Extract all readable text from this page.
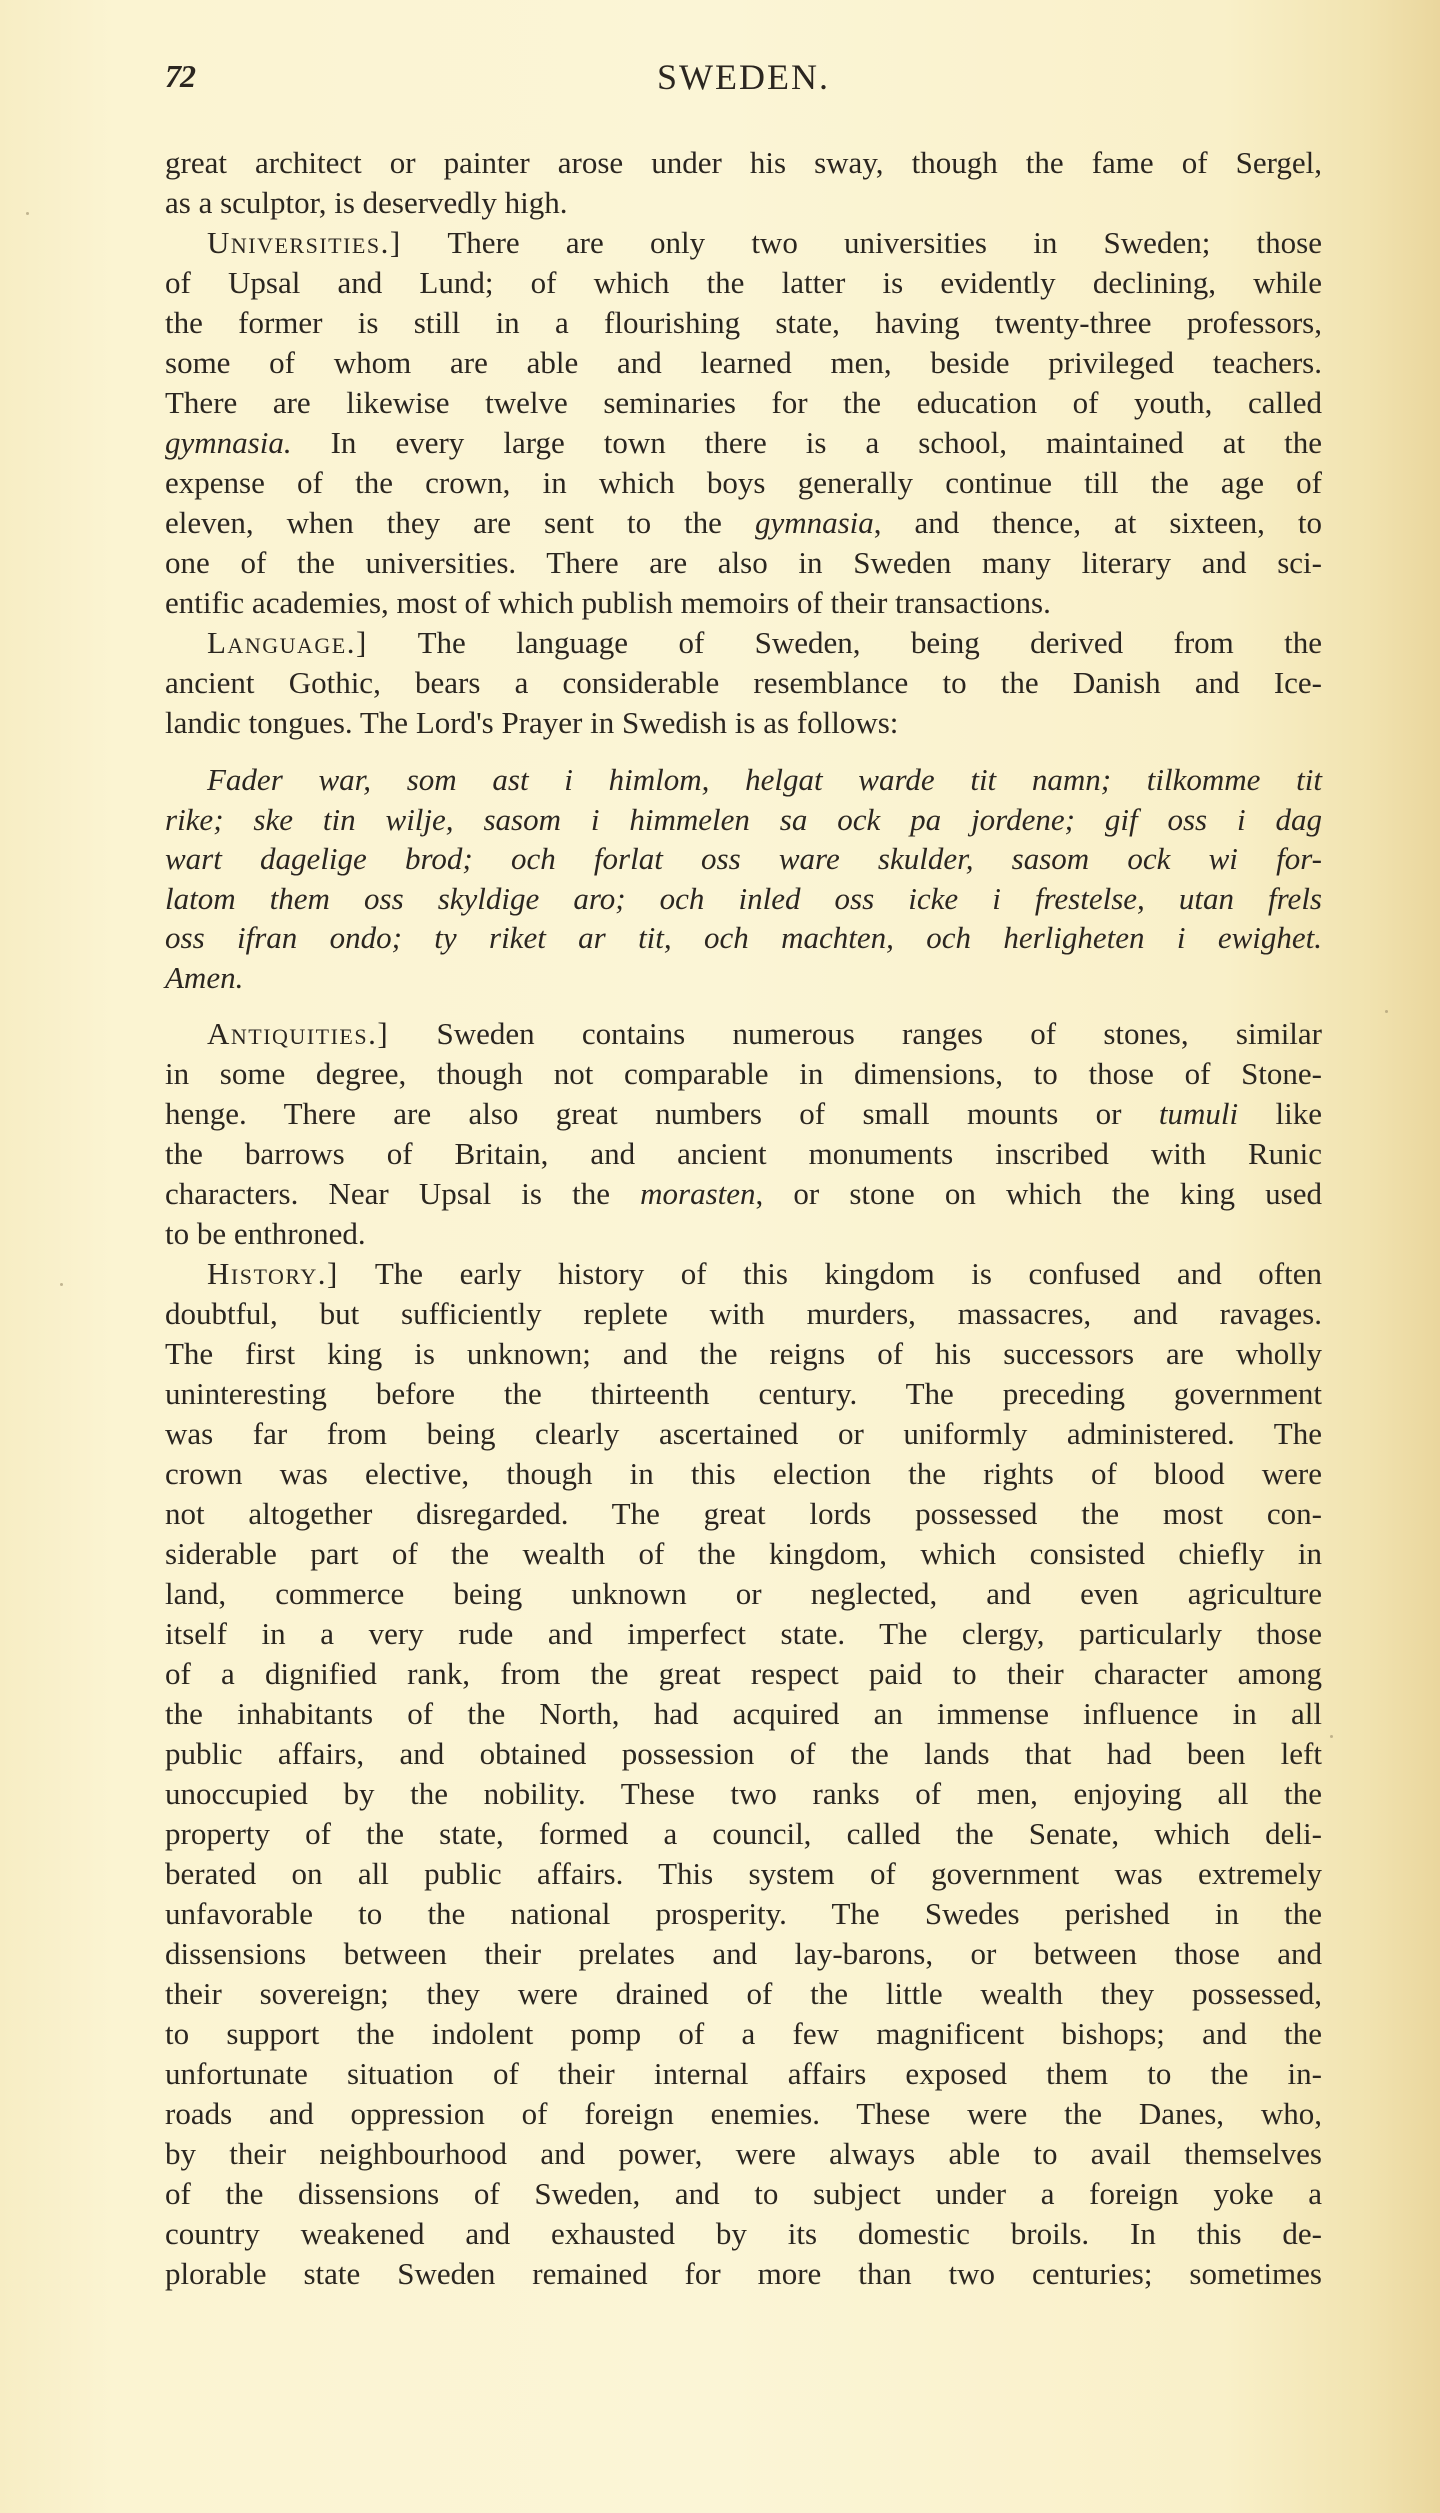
72	SWEDEN.
great architect or painter arose under his sway, though the fame of Sergel,
as a sculptor, is deservedly high.
Universities.] There are only two universities in Sweden; those
of Upsal and Lund; of which the latter is evidently declining, while
the former is still in a flourishing state, having twenty-three professors,
some of whom are able and learned men, beside privileged teachers.
There are likewise twelve seminaries for the education of youth, called
gymnasia. In every large town there is a school, maintained at the
expense of the crown, in which boys generally continue till the age of
eleven, when they are sent to the gymnasia, and thence, at sixteen, to
one of the universities. There are also in Sweden many literary and sci-
entific academies, most of which publish memoirs of their transactions.
Language.] The language of Sweden, being derived from the
ancient Gothic, bears a considerable resemblance to the Danish and Ice-
landic tongues. The Lord's Prayer in Swedish is as follows:
Fader war, som ast i himlom, helgat warde tit namn; tilkomme tit
rike; ske tin wilje, sasom i himmelen sa ock pa jordene; gif oss i dag
wart dagelige brod; och forlat oss ware skulder, sasom ock wi for-
latom them oss skyldige aro; och inled oss icke i frestelse, utan frels
oss ifran ondo; ty riket ar tit, och machten, och herligheten i ewighet.
Amen.
Antiquities.] Sweden contains numerous ranges of stones, similar
in some degree, though not comparable in dimensions, to those of Stone-
henge. There are also great numbers of small mounts or tumuli like
the barrows of Britain, and ancient monuments inscribed with Runic
characters. Near Upsal is the morasten, or stone on which the king used
to be enthroned.
History.] The early history of this kingdom is confused and often
doubtful, but sufficiently replete with murders, massacres, and ravages.
The first king is unknown; and the reigns of his successors are wholly
uninteresting before the thirteenth century. The preceding government
was far from being clearly ascertained or uniformly administered. The
crown was elective, though in this election the rights of blood were
not altogether disregarded. The great lords possessed the most con-
siderable part of the wealth of the kingdom, which consisted chiefly in
land, commerce being unknown or neglected, and even agriculture
itself in a very rude and imperfect state. The clergy, particularly those
of a dignified rank, from the great respect paid to their character among
the inhabitants of the North, had acquired an immense influence in all
public affairs, and obtained possession of the lands that had been left
unoccupied by the nobility. These two ranks of men, enjoying all the
property of the state, formed a council, called the Senate, which deli-
berated on all public affairs. This system of government was extremely
unfavorable to the national prosperity. The Swedes perished in the
dissensions between their prelates and lay-barons, or between those and
their sovereign; they were drained of the little wealth they possessed,
to support the indolent pomp of a few magnificent bishops; and the
unfortunate situation of their internal affairs exposed them to the in-
roads and oppression of foreign enemies. These were the Danes, who,
by their neighbourhood and power, were always able to avail themselves
of the dissensions of Sweden, and to subject under a foreign yoke a
country weakened and exhausted by its domestic broils. In this de-
plorable state Sweden remained for more than two centuries; sometimes
